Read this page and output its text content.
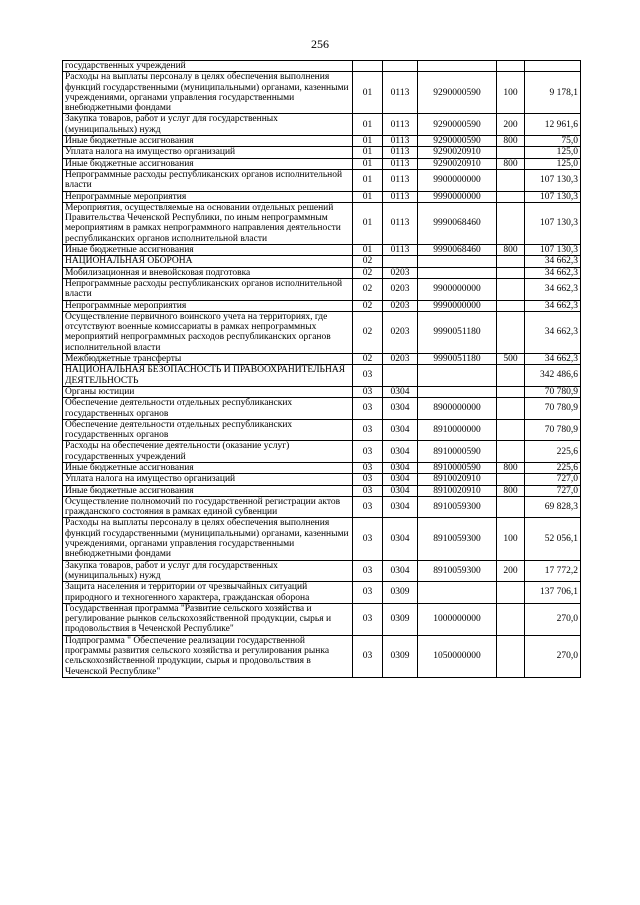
256
государственных учреждений					
Расходы на выплаты персоналу в целях обеспечения выполнения функций государственными (муниципальными) органами, казенными учреждениями, органами управления государственными внебюджетными фондами	01	0113	9290000590	100	9 178,1
Закупка товаров, работ и услуг для государственных (муниципальных) нужд	01	0113	9290000590	200	12 961,6
Иные бюджетные ассигнования	01	0113	9290000590	800	75,0
Уплата налога на имущество организаций	01	0113	9290020910		125,0
Иные бюджетные ассигнования	01	0113	9290020910	800	125,0
Непрограммные расходы республиканских органов исполнительной власти	01	0113	9900000000		107 130,3
Непрограммные мероприятия	01	0113	9990000000		107 130,3
Мероприятия, осуществляемые на основании отдельных решений Правительства Чеченской Республики, по иным непрограммным мероприятиям в рамках непрограммного направления деятельности республиканских органов исполнительной власти	01	0113	9990068460		107 130,3
Иные бюджетные ассигнования	01	0113	9990068460	800	107 130,3
НАЦИОНАЛЬНАЯ ОБОРОНА	02				34 662,3
Мобилизационная и вневойсковая подготовка	02	0203			34 662,3
Непрограммные расходы республиканских органов исполнительной власти	02	0203	9900000000		34 662,3
Непрограммные мероприятия	02	0203	9990000000		34 662,3
Осуществление первичного воинского учета на территориях, где отсутствуют военные комиссариаты в рамках непрограммных мероприятий непрограммных расходов республиканских органов исполнительной власти	02	0203	9990051180		34 662,3
Межбюджетные трансферты	02	0203	9990051180	500	34 662,3
НАЦИОНАЛЬНАЯ БЕЗОПАСНОСТЬ И ПРАВООХРАНИТЕЛЬНАЯ ДЕЯТЕЛЬНОСТЬ	03				342 486,6
Органы юстиции	03	0304			70 780,9
Обеспечение деятельности отдельных республиканских государственных органов	03	0304	8900000000		70 780,9
Обеспечение деятельности отдельных республиканских государственных органов	03	0304	8910000000		70 780,9
Расходы на обеспечение деятельности (оказание услуг) государственных учреждений	03	0304	8910000590		225,6
Иные бюджетные ассигнования	03	0304	8910000590	800	225,6
Уплата налога на имущество организаций	03	0304	8910020910		727,0
Иные бюджетные ассигнования	03	0304	8910020910	800	727,0
Осуществление полномочий по государственной регистрации актов гражданского состояния в рамках единой субвенции	03	0304	8910059300		69 828,3
Расходы на выплаты персоналу в целях обеспечения выполнения функций государственными (муниципальными) органами, казенными учреждениями, органами управления государственными внебюджетными фондами	03	0304	8910059300	100	52 056,1
Закупка товаров, работ и услуг для государственных (муниципальных) нужд	03	0304	8910059300	200	17 772,2
Защита населения и территории от чрезвычайных ситуаций природного и техногенного характера, гражданская оборона	03	0309			137 706,1
Государственная программа "Развитие сельского хозяйства и регулирование рынков сельскохозяйственной продукции, сырья и продовольствия в Чеченской Республике"	03	0309	1000000000		270,0
Подпрограмма " Обеспечение реализации государственной программы развития сельского хозяйства и регулирования рынка сельскохозяйственной продукции, сырья и продовольствия в Чеченской Республике"	03	0309	1050000000		270,0
